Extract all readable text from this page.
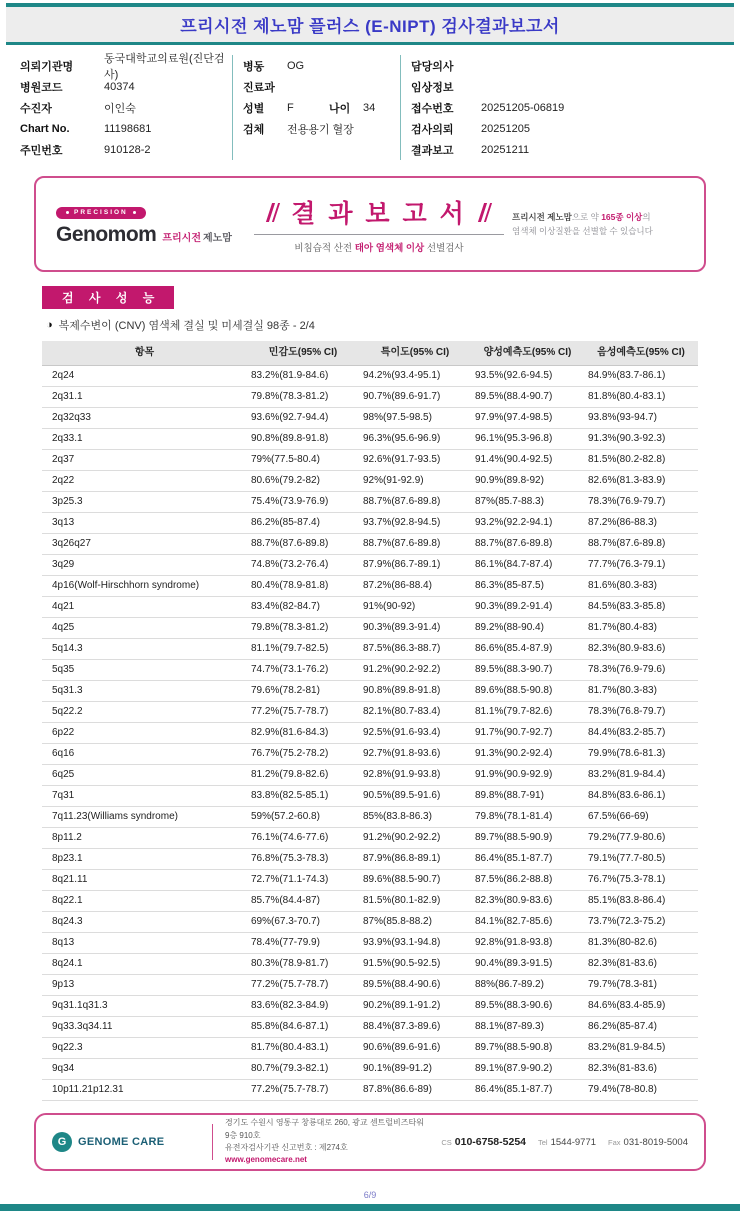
프리시전 제노맘 플러스 (E-NIPT) 검사결과보고서
의뢰기관명
동국대학교의료원(진단검사)
병원코드	40374
수진자	이인숙
Chart No.	11198681
주민번호	910128-2
병동	OG
진료과
성별	F	나이	34
검체	전용용기 혈장
담당의사
임상정보
접수번호	20251205-06819
검사의뢰	20251205
결과보고	20251211
PRECISION
Genomom 프리시전 제노맘
결 과 보 고 서
비침습적 산전 태아 염색체 이상 선별검사
프리시전 제노맘으로 약 165종 이상의
염색체 이상질환을 선별할 수 있습니다
검 사 성 능
◑ 복제수변이 (CNV) 염색체 결실 및 미세결실 98종 - 2/4
항목	민감도(95% CI)	특이도(95% CI)	양성예측도(95% CI)	음성예측도(95% CI)
2q24	83.2%(81.9-84.6)	94.2%(93.4-95.1)	93.5%(92.6-94.5)	84.9%(83.7-86.1)
2q31.1	79.8%(78.3-81.2)	90.7%(89.6-91.7)	89.5%(88.4-90.7)	81.8%(80.4-83.1)
2q32q33	93.6%(92.7-94.4)	98%(97.5-98.5)	97.9%(97.4-98.5)	93.8%(93-94.7)
2q33.1	90.8%(89.8-91.8)	96.3%(95.6-96.9)	96.1%(95.3-96.8)	91.3%(90.3-92.3)
2q37	79%(77.5-80.4)	92.6%(91.7-93.5)	91.4%(90.4-92.5)	81.5%(80.2-82.8)
2q22	80.6%(79.2-82)	92%(91-92.9)	90.9%(89.8-92)	82.6%(81.3-83.9)
3p25.3	75.4%(73.9-76.9)	88.7%(87.6-89.8)	87%(85.7-88.3)	78.3%(76.9-79.7)
3q13	86.2%(85-87.4)	93.7%(92.8-94.5)	93.2%(92.2-94.1)	87.2%(86-88.3)
3q26q27	88.7%(87.6-89.8)	88.7%(87.6-89.8)	88.7%(87.6-89.8)	88.7%(87.6-89.8)
3q29	74.8%(73.2-76.4)	87.9%(86.7-89.1)	86.1%(84.7-87.4)	77.7%(76.3-79.1)
4p16(Wolf-Hirschhorn syndrome)	80.4%(78.9-81.8)	87.2%(86-88.4)	86.3%(85-87.5)	81.6%(80.3-83)
4q21	83.4%(82-84.7)	91%(90-92)	90.3%(89.2-91.4)	84.5%(83.3-85.8)
4q25	79.8%(78.3-81.2)	90.3%(89.3-91.4)	89.2%(88-90.4)	81.7%(80.4-83)
5q14.3	81.1%(79.7-82.5)	87.5%(86.3-88.7)	86.6%(85.4-87.9)	82.3%(80.9-83.6)
5q35	74.7%(73.1-76.2)	91.2%(90.2-92.2)	89.5%(88.3-90.7)	78.3%(76.9-79.6)
5q31.3	79.6%(78.2-81)	90.8%(89.8-91.8)	89.6%(88.5-90.8)	81.7%(80.3-83)
5q22.2	77.2%(75.7-78.7)	82.1%(80.7-83.4)	81.1%(79.7-82.6)	78.3%(76.8-79.7)
6p22	82.9%(81.6-84.3)	92.5%(91.6-93.4)	91.7%(90.7-92.7)	84.4%(83.2-85.7)
6q16	76.7%(75.2-78.2)	92.7%(91.8-93.6)	91.3%(90.2-92.4)	79.9%(78.6-81.3)
6q25	81.2%(79.8-82.6)	92.8%(91.9-93.8)	91.9%(90.9-92.9)	83.2%(81.9-84.4)
7q31	83.8%(82.5-85.1)	90.5%(89.5-91.6)	89.8%(88.7-91)	84.8%(83.6-86.1)
7q11.23(Williams syndrome)	59%(57.2-60.8)	85%(83.8-86.3)	79.8%(78.1-81.4)	67.5%(66-69)
8p11.2	76.1%(74.6-77.6)	91.2%(90.2-92.2)	89.7%(88.5-90.9)	79.2%(77.9-80.6)
8p23.1	76.8%(75.3-78.3)	87.9%(86.8-89.1)	86.4%(85.1-87.7)	79.1%(77.7-80.5)
8q21.11	72.7%(71.1-74.3)	89.6%(88.5-90.7)	87.5%(86.2-88.8)	76.7%(75.3-78.1)
8q22.1	85.7%(84.4-87)	81.5%(80.1-82.9)	82.3%(80.9-83.6)	85.1%(83.8-86.4)
8q24.3	69%(67.3-70.7)	87%(85.8-88.2)	84.1%(82.7-85.6)	73.7%(72.3-75.2)
8q13	78.4%(77-79.9)	93.9%(93.1-94.8)	92.8%(91.8-93.8)	81.3%(80-82.6)
8q24.1	80.3%(78.9-81.7)	91.5%(90.5-92.5)	90.4%(89.3-91.5)	82.3%(81-83.6)
9p13	77.2%(75.7-78.7)	89.5%(88.4-90.6)	88%(86.7-89.2)	79.7%(78.3-81)
9q31.1q31.3	83.6%(82.3-84.9)	90.2%(89.1-91.2)	89.5%(88.3-90.6)	84.6%(83.4-85.9)
9q33.3q34.11	85.8%(84.6-87.1)	88.4%(87.3-89.6)	88.1%(87-89.3)	86.2%(85-87.4)
9q22.3	81.7%(80.4-83.1)	90.6%(89.6-91.6)	89.7%(88.5-90.8)	83.2%(81.9-84.5)
9q34	80.7%(79.3-82.1)	90.1%(89-91.2)	89.1%(87.9-90.2)	82.3%(81-83.6)
10p11.21p12.31	77.2%(75.7-78.7)	87.8%(86.6-89)	86.4%(85.1-87.7)	79.4%(78-80.8)
G	GENOME CARE
경기도 수원시 영통구 창룡대로 260, 광교 센트럴비즈타워 9층 910호
유전자검사기관 신고번호 : 제274호
www.genomecare.net
CS 010-6758-5254 Tel 1544-9771 Fax 031-8019-5004
6/9
